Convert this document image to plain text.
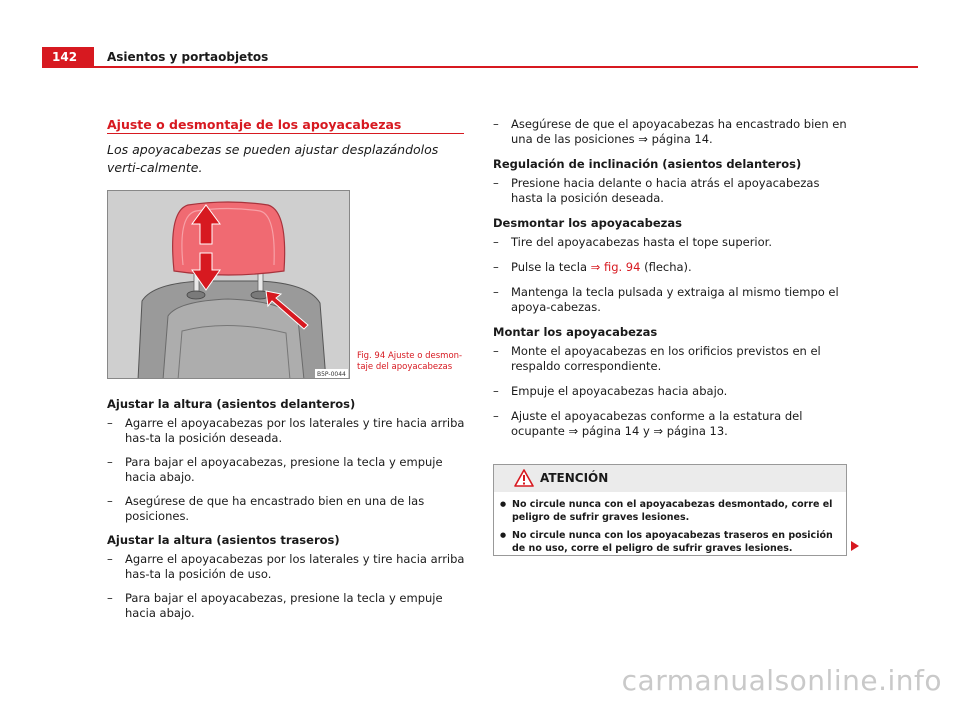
142	Asientos y portaobjetos
Ajuste o desmontaje de los apoyacabezas
Los apoyacabezas se pueden ajustar desplazándolos verti-calmente.
B5P-0044
Fig. 94 Ajuste o desmon-taje del apoyacabezas
Ajustar la altura (asientos delanteros)
– Agarre el apoyacabezas por los laterales y tire hacia arriba has-ta la posición deseada.
– Para bajar el apoyacabezas, presione la tecla y empuje hacia abajo.
– Asegúrese de que ha encastrado bien en una de las posiciones.
Ajustar la altura (asientos traseros)
– Agarre el apoyacabezas por los laterales y tire hacia arriba has-ta la posición de uso.
– Para bajar el apoyacabezas, presione la tecla y empuje hacia abajo.
– Asegúrese de que el apoyacabezas ha encastrado bien en una de las posiciones ⇒ página 14.
Regulación de inclinación (asientos delanteros)
– Presione hacia delante o hacia atrás el apoyacabezas hasta la posición deseada.
Desmontar los apoyacabezas
– Tire del apoyacabezas hasta el tope superior.
– Pulse la tecla ⇒ fig. 94 (flecha).
– Mantenga la tecla pulsada y extraiga al mismo tiempo el apoya-cabezas.
Montar los apoyacabezas
– Monte el apoyacabezas en los orificios previstos en el respaldo correspondiente.
– Empuje el apoyacabezas hacia abajo.
– Ajuste el apoyacabezas conforme a la estatura del ocupante ⇒ página 14 y ⇒ página 13.
ATENCIÓN
● No circule nunca con el apoyacabezas desmontado, corre el peligro de sufrir graves lesiones.
● No circule nunca con los apoyacabezas traseros en posición de no uso, corre el peligro de sufrir graves lesiones.
carmanualsonline.info
